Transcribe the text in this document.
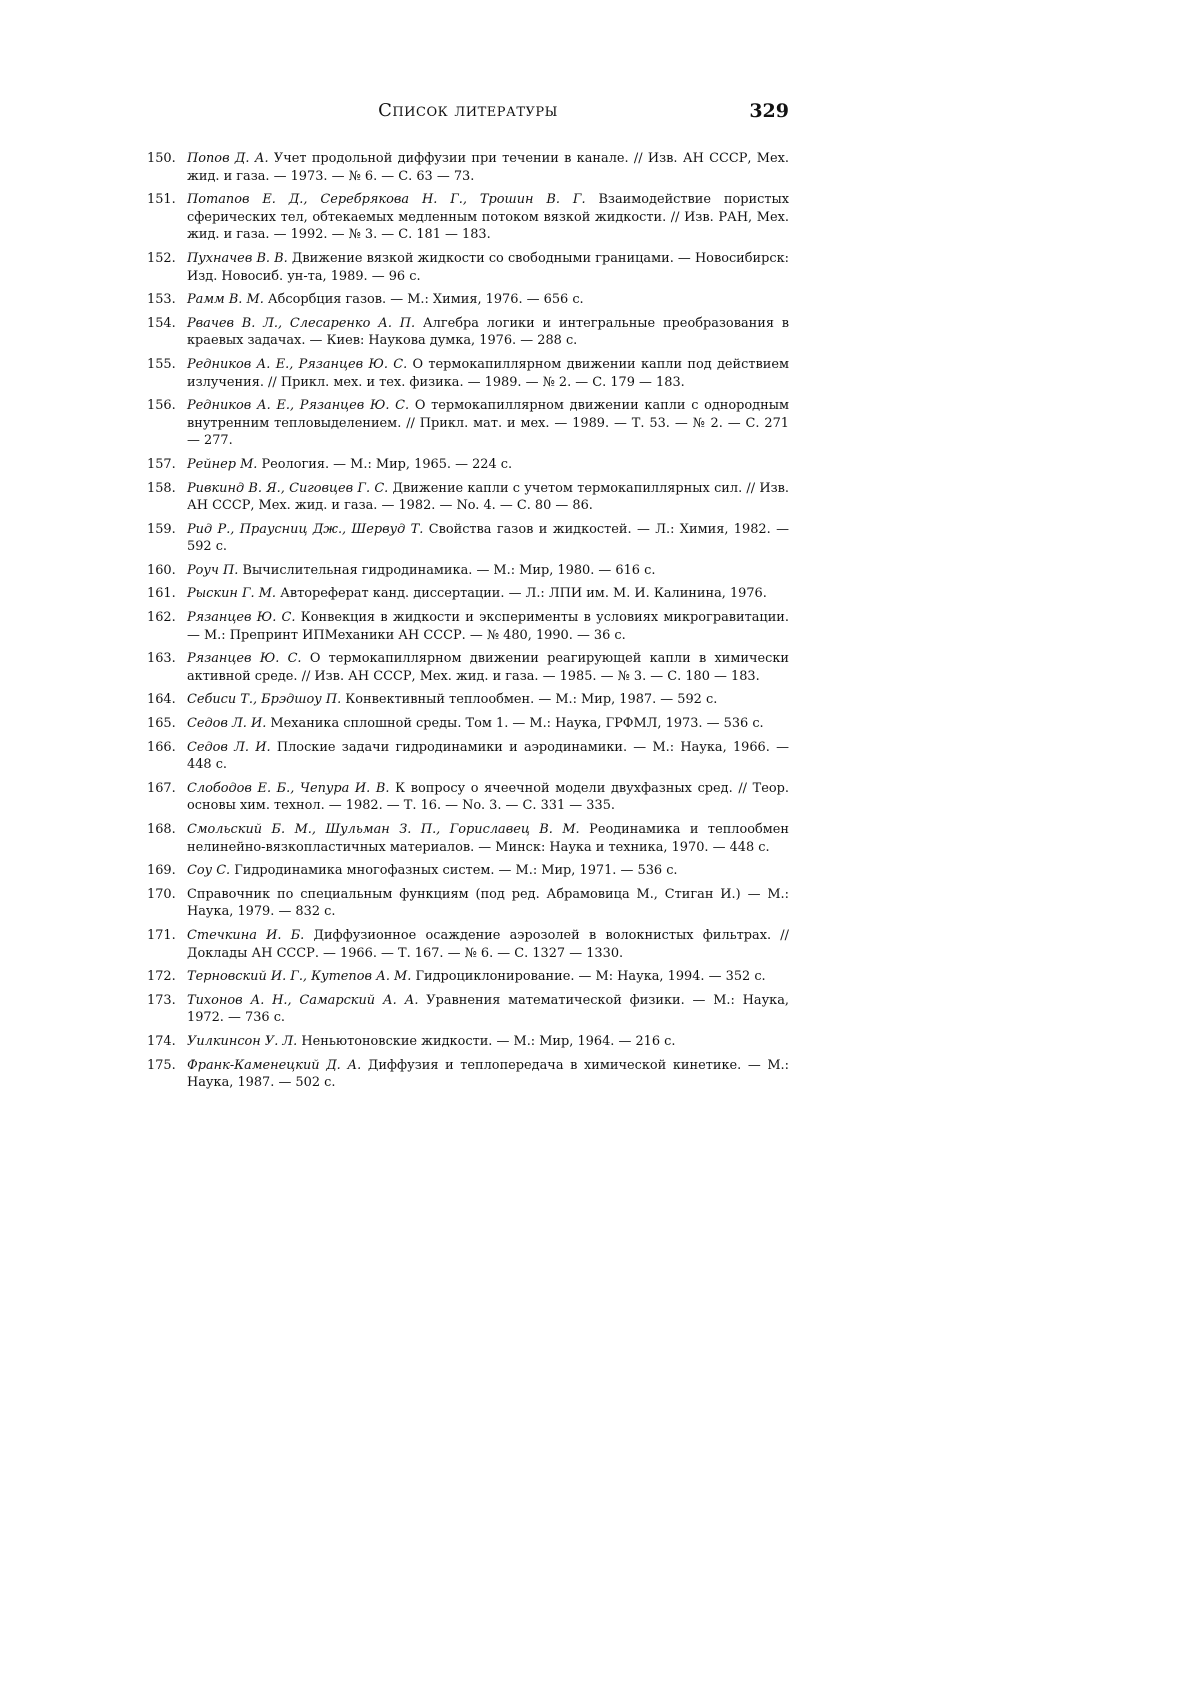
Список литературы	329
150. Попов Д. А. Учет продольной диффузии при течении в канале. // Изв. АН СССР, Мех. жид. и газа. — 1973. — № 6. — С. 63 — 73.
151. Потапов Е. Д., Серебрякова Н. Г., Трошин В. Г. Взаимодействие пористых сферических тел, обтекаемых медленным потоком вязкой жидкости. // Изв. РАН, Мех. жид. и газа. — 1992. — № 3. — С. 181 — 183.
152. Пухначев В. В. Движение вязкой жидкости со свободными границами. — Новосибирск: Изд. Новосиб. ун-та, 1989. — 96 с.
153. Рамм В. М. Абсорбция газов. — М.: Химия, 1976. — 656 с.
154. Рвачев В. Л., Слесаренко А. П. Алгебра логики и интегральные преобразования в краевых задачах. — Киев: Наукова думка, 1976. — 288 с.
155. Редников А. Е., Рязанцев Ю. С. О термокапиллярном движении капли под действием излучения. // Прикл. мех. и тех. физика. — 1989. — № 2. — С. 179 — 183.
156. Редников А. Е., Рязанцев Ю. С. О термокапиллярном движении капли с однородным внутренним тепловыделением. // Прикл. мат. и мех. — 1989. — Т. 53. — № 2. — С. 271 — 277.
157. Рейнер М. Реология. — М.: Мир, 1965. — 224 с.
158. Ривкинд В. Я., Сиговцев Г. С. Движение капли с учетом термокапиллярных сил. // Изв. АН СССР, Мех. жид. и газа. — 1982. — No. 4. — С. 80 — 86.
159. Рид Р., Праусниц Дж., Шервуд Т. Свойства газов и жидкостей. — Л.: Химия, 1982. — 592 с.
160. Роуч П. Вычислительная гидродинамика. — М.: Мир, 1980. — 616 с.
161. Рыскин Г. М. Автореферат канд. диссертации. — Л.: ЛПИ им. М. И. Калинина, 1976.
162. Рязанцев Ю. С. Конвекция в жидкости и эксперименты в условиях микрогравитации. — М.: Препринт ИПМеханики АН СССР. — № 480, 1990. — 36 с.
163. Рязанцев Ю. С. О термокапиллярном движении реагирующей капли в химически активной среде. // Изв. АН СССР, Мех. жид. и газа. — 1985. — № 3. — С. 180 — 183.
164. Себиси Т., Брэдшоу П. Конвективный теплообмен. — М.: Мир, 1987. — 592 с.
165. Седов Л. И. Механика сплошной среды. Том 1. — М.: Наука, ГРФМЛ, 1973. — 536 с.
166. Седов Л. И. Плоские задачи гидродинамики и аэродинамики. — М.: Наука, 1966. — 448 с.
167. Слободов Е. Б., Чепура И. В. К вопросу о ячеечной модели двухфазных сред. // Теор. основы хим. технол. — 1982. — Т. 16. — No. 3. — С. 331 — 335.
168. Смольский Б. М., Шульман З. П., Гориславец В. М. Реодинамика и теплообмен нелинейно-вязкопластичных материалов. — Минск: Наука и техника, 1970. — 448 с.
169. Соу С. Гидродинамика многофазных систем. — М.: Мир, 1971. — 536 с.
170. Справочник по специальным функциям (под ред. Абрамовица М., Стиган И.) — М.: Наука, 1979. — 832 с.
171. Стечкина И. Б. Диффузионное осаждение аэрозолей в волокнистых фильтрах. // Доклады АН СССР. — 1966. — Т. 167. — № 6. — С. 1327 — 1330.
172. Терновский И. Г., Кутепов А. М. Гидроциклонирование. — М: Наука, 1994. — 352 с.
173. Тихонов А. Н., Самарский А. А. Уравнения математической физики. — М.: Наука, 1972. — 736 с.
174. Уилкинсон У. Л. Неньютоновские жидкости. — М.: Мир, 1964. — 216 с.
175. Франк-Каменецкий Д. А. Диффузия и теплопередача в химической кинетике. — М.: Наука, 1987. — 502 с.
